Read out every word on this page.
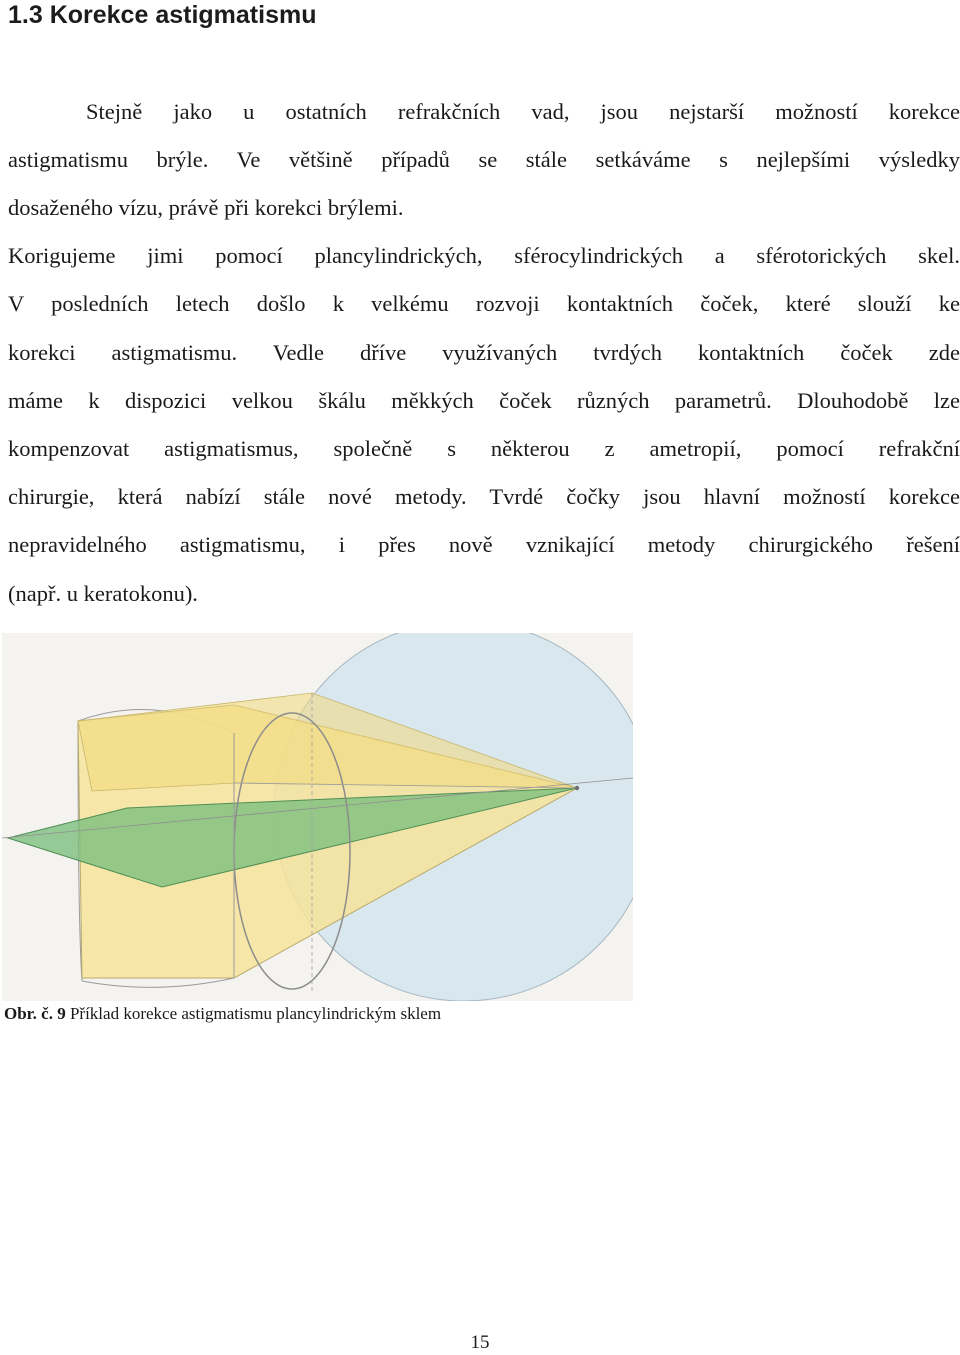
1.3 Korekce astigmatismu
Stejně jako u ostatních refrakčních vad, jsou nejstarší možností korekce
astigmatismu brýle. Ve většině případů se stále setkáváme s nejlepšími výsledky
dosaženého vízu, právě při korekci brýlemi.
Korigujeme jimi pomocí plancylindrických, sférocylindrických a sférotorických skel.
V posledních letech došlo k velkému rozvoji kontaktních čoček, které slouží ke
korekci astigmatismu. Vedle dříve využívaných tvrdých kontaktních čoček zde
máme k dispozici velkou škálu měkkých čoček různých parametrů. Dlouhodobě lze
kompenzovat astigmatismus, společně s některou z ametropií, pomocí refrakční
chirurgie, která nabízí stále nové metody. Tvrdé čočky jsou hlavní možností korekce
nepravidelného astigmatismu, i přes nově vznikající metody chirurgického řešení
(např. u keratokonu).

Obr. č. 9 Příklad korekce astigmatismu plancylindrickým sklem

15
